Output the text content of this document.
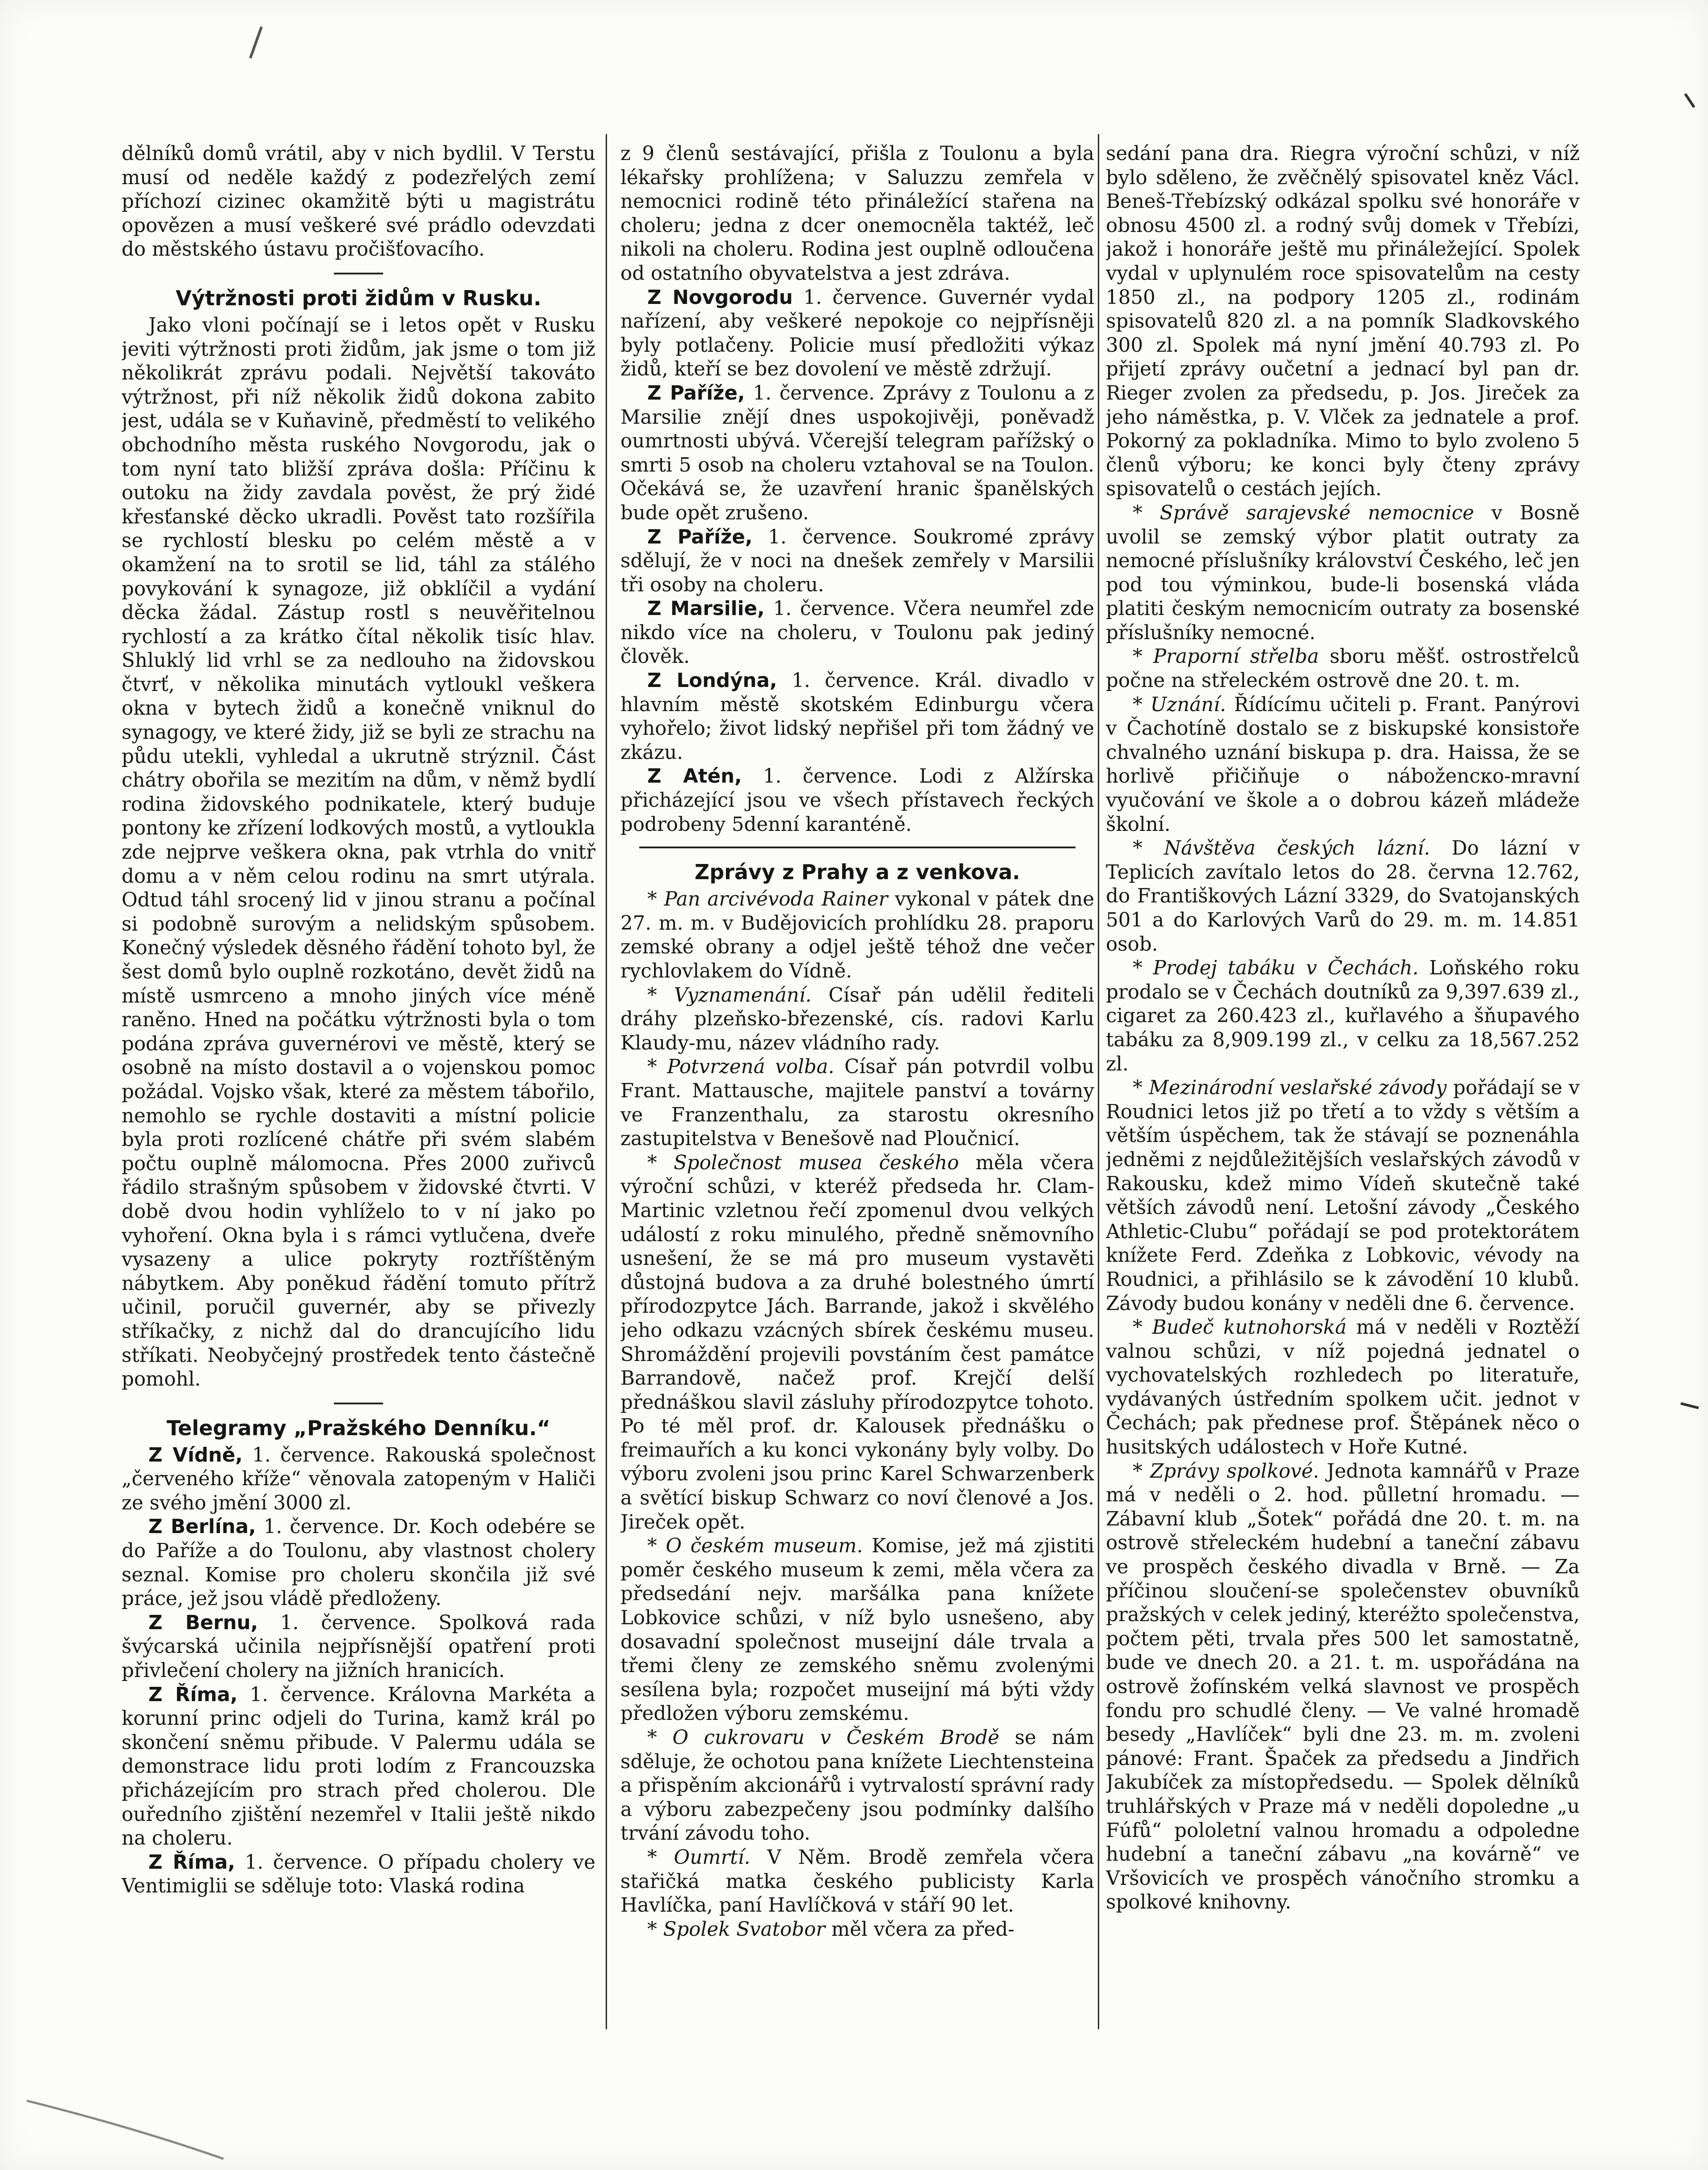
dělníků domů vrátil, aby v nich bydlil. V Terstu musí od neděle každý z podezřelých zemí příchozí cizinec okamžitě býti u magistrátu opovězen a musí veškeré své prádlo odevzdati do městského ústavu pročišťovacího.

Výtržnosti proti židům v Rusku.

Jako vloni počínají se i letos opět v Rusku jeviti výtržnosti proti židům, jak jsme o tom již několikrát zprávu podali. Největší takováto výtržnost, při níž několik židů dokona zabito jest, udála se v Kuňavině, předměstí to velikého obchodního města ruského Novgorodu, jak o tom nyní tato bližší zpráva došla: Příčinu k outoku na židy zavdala pověst, že prý židé křesťanské děcko ukradli. Pověst tato rozšířila se rychlostí blesku po celém městě a v okamžení na to srotil se lid, táhl za stálého povykování k synagoze, již obklíčil a vydání děcka žádal. Zástup rostl s neuvěřitelnou rychlostí a za krátko čítal několik tisíc hlav. Shluklý lid vrhl se za nedlouho na židovskou čtvrť, v několika minutách vytloukl veškera okna v bytech židů a konečně vniknul do synagogy, ve které židy, již se byli ze strachu na půdu utekli, vyhledal a ukrutně strýznil. Část chátry obořila se mezitím na dům, v němž bydlí rodina židovského podnikatele, který buduje pontony ke zřízení lodkových mostů, a vytloukla zde nejprve veškera okna, pak vtrhla do vnitř domu a v něm celou rodinu na smrt utýrala. Odtud táhl srocený lid v jinou stranu a počínal si podobně surovým a nelidským spůsobem. Konečný výsledek děsného řádění tohoto byl, že šest domů bylo ouplně rozkotáno, devět židů na místě usmrceno a mnoho jiných více méně raněno. Hned na počátku výtržnosti byla o tom podána zpráva guvernérovi ve městě, který se osobně na místo dostavil a o vojenskou pomoc požádal. Vojsko však, které za městem tábořilo, nemohlo se rychle dostaviti a místní policie byla proti rozlícené chátře při svém slabém počtu ouplně málomocna. Přes 2000 zuřivců řádilo strašným spůsobem v židovské čtvrti. V době dvou hodin vyhlíželo to v ní jako po vyhoření. Okna byla i s rámci vytlučena, dveře vysazeny a ulice pokryty roztříštěným nábytkem. Aby poněkud řádění tomuto přítrž učinil, poručil guvernér, aby se přivezly stříkačky, z nichž dal do drancujícího lidu stříkati. Neobyčejný prostředek tento částečně pomohl.

Telegramy „Pražského Denníku.“

Z Vídně, 1. července. Rakouská společnost „červeného kříže“ věnovala zatopeným v Haliči ze svého jmění 3000 zl.

Z Berlína, 1. července. Dr. Koch odebére se do Paříže a do Toulonu, aby vlastnost cholery seznal. Komise pro choleru skončila již své práce, jež jsou vládě předloženy.

Z Bernu, 1. července. Spolková rada švýcarská učinila nejpřísnější opatření proti přivlečení cholery na jižních hranicích.

Z Říma, 1. července. Královna Markéta a korunní princ odjeli do Turina, kamž král po skončení sněmu přibude. V Palermu udála se demonstrace lidu proti lodím z Francouzska přicházejícím pro strach před cholerou. Dle ouředního zjištění nezemřel v Italii ještě nikdo na choleru.

Z Říma, 1. července. O případu cholery ve Ventimiglii se sděluje toto: Vlaská rodina

z 9 členů sestávající, přišla z Toulonu a byla lékařsky prohlížena; v Saluzzu zemřela v nemocnici rodině této přináležící stařena na choleru; jedna z dcer onemocněla taktéž, leč nikoli na choleru. Rodina jest ouplně odloučena od ostatního obyvatelstva a jest zdráva.

Z Novgorodu 1. července. Guvernér vydal nařízení, aby veškeré nepokoje co nejpřísněji byly potlačeny. Policie musí předložiti výkaz židů, kteří se bez dovolení ve městě zdržují.

Z Paříže, 1. července. Zprávy z Toulonu a z Marsilie znějí dnes uspokojivěji, poněvadž oumrtnosti ubývá. Včerejší telegram pařížský o smrti 5 osob na choleru vztahoval se na Toulon. Očekává se, že uzavření hranic španělských bude opět zrušeno.

Z Paříže, 1. července. Soukromé zprávy sdělují, že v noci na dnešek zemřely v Marsilii tři osoby na choleru.

Z Marsilie, 1. července. Včera neumřel zde nikdo více na choleru, v Toulonu pak jediný člověk.

Z Londýna, 1. července. Král. divadlo v hlavním městě skotském Edinburgu včera vyhořelo; život lidský nepřišel při tom žádný ve zkázu.

Z Atén, 1. července. Lodi z Alžírska přicházející jsou ve všech přístavech řeckých podrobeny 5denní karanténě.

Zprávy z Prahy a z venkova.

* Pan arcivévoda Rainer vykonal v pátek dne 27. m. m. v Budějovicích prohlídku 28. praporu zemské obrany a odjel ještě téhož dne večer rychlovlakem do Vídně.

* Vyznamenání. Císař pán udělil řediteli dráhy plzeňsko-březenské, cís. radovi Karlu Klaudy-mu, název vládního rady.

* Potvrzená volba. Císař pán potvrdil volbu Frant. Mattausche, majitele panství a továrny ve Franzenthalu, za starostu okresního zastupitelstva v Benešově nad Ploučnicí.

* Společnost musea českého měla včera výroční schůzi, v kteréž předseda hr. Clam-Martinic vzletnou řečí zpomenul dvou velkých událostí z roku minulého, předně sněmovního usnešení, že se má pro museum vystavěti důstojná budova a za druhé bolestného úmrtí přírodozpytce Jách. Barrande, jakož i skvělého jeho odkazu vzácných sbírek českému museu. Shromáždění projevili povstáním čest památce Barrandově, načež prof. Krejčí delší přednáškou slavil zásluhy přírodozpytce tohoto. Po té měl prof. dr. Kalousek přednášku o freimauřích a ku konci vykonány byly volby. Do výboru zvoleni jsou princ Karel Schwarzenberk a světící biskup Schwarz co noví členové a Jos. Jireček opět.

* O českém museum. Komise, jež má zjistiti poměr českého museum k zemi, měla včera za předsedání nejv. maršálka pana knížete Lobkovice schůzi, v níž bylo usnešeno, aby dosavadní společnost museijní dále trvala a třemi členy ze zemského sněmu zvolenými sesílena byla; rozpočet museijní má býti vždy předložen výboru zemskému.

* O cukrovaru v Českém Brodě se nám sděluje, že ochotou pana knížete Liechtensteina a přispěním akcionářů i vytrvalostí správní rady a výboru zabezpečeny jsou podmínky dalšího trvání závodu toho.

* Oumrtí. V Něm. Brodě zemřela včera stařičká matka českého publicisty Karla Havlíčka, paní Havlíčková v stáří 90 let.

* Spolek Svatobor měl včera za před-

sedání pana dra. Riegra výroční schůzi, v níž bylo sděleno, že zvěčnělý spisovatel kněz Václ. Beneš-Třebízský odkázal spolku své honoráře v obnosu 4500 zl. a rodný svůj domek v Třebízi, jakož i honoráře ještě mu přináležející. Spolek vydal v uplynulém roce spisovatelům na cesty 1850 zl., na podpory 1205 zl., rodinám spisovatelů 820 zl. a na pomník Sladkovského 300 zl. Spolek má nyní jmění 40.793 zl. Po přijetí zprávy oučetní a jednací byl pan dr. Rieger zvolen za předsedu, p. Jos. Jireček za jeho náměstka, p. V. Vlček za jednatele a prof. Pokorný za pokladníka. Mimo to bylo zvoleno 5 členů výboru; ke konci byly čteny zprávy spisovatelů o cestách jejích.

* Správě sarajevské nemocnice v Bosně uvolil se zemský výbor platit outraty za nemocné příslušníky království Českého, leč jen pod tou výminkou, bude-li bosenská vláda platiti českým nemocnicím outraty za bosenské příslušníky nemocné.

* Praporní střelba sboru měšť. ostrostřelců počne na střeleckém ostrově dne 20. t. m.

* Uznání. Řídícímu učiteli p. Frant. Panýrovi v Čachotíně dostalo se z biskupské konsistoře chvalného uznání biskupa p. dra. Haissa, že se horlivě přičiňuje o náboženско-mravní vyučování ve škole a o dobrou kázeň mládeže školní.

* Návštěva českých lázní. Do lázní v Teplicích zavítalo letos do 28. června 12.762, do Františkových Lázní 3329, do Svatojanských 501 a do Karlových Varů do 29. m. m. 14.851 osob.

* Prodej tabáku v Čechách. Loňského roku prodalo se v Čechách doutníků za 9,397.639 zl., cigaret za 260.423 zl., kuřlavého a šňupavého tabáku za 8,909.199 zl., v celku za 18,567.252 zl.

* Mezinárodní veslařské závody pořádají se v Roudnici letos již po třetí a to vždy s větším a větším úspěchem, tak že stávají se poznenáhla jedněmi z nejdůležitějších veslařských závodů v Rakousku, kdež mimo Vídeň skutečně také větších závodů není. Letošní závody „Českého Athletic-Clubu“ pořádají se pod protektorátem knížete Ferd. Zdeňka z Lobkovic, vévody na Roudnici, a přihlásilo se k závodění 10 klubů. Závody budou konány v neděli dne 6. července.

* Budeč kutnohorská má v neděli v Roztěží valnou schůzi, v níž pojedná jednatel o vychovatelských rozhledech po literatuře, vydávaných ústředním spolkem učit. jednot v Čechách; pak přednese prof. Štěpánek něco o husitských událostech v Hoře Kutné.

* Zprávy spolkové. Jednota kamnářů v Praze má v neděli o 2. hod. půlletní hromadu. — Zábavní klub „Šotek“ pořádá dne 20. t. m. na ostrově střeleckém hudební a taneční zábavu ve prospěch českého divadla v Brně. — Za příčinou sloučení-se společenstev obuvníků pražských v celek jediný, kteréžto společenstva, počtem pěti, trvala přes 500 let samostatně, bude ve dnech 20. a 21. t. m. uspořádána na ostrově žofínském velká slavnost ve prospěch fondu pro schudlé členy. — Ve valné hromadě besedy „Havlíček“ byli dne 23. m. m. zvoleni pánové: Frant. Špaček za předsedu a Jindřich Jakubíček za místopředsedu. — Spolek dělníků truhlářských v Praze má v neděli dopoledne „u Fúfů“ pololetní valnou hromadu a odpoledne hudební a taneční zábavu „na kovárně“ ve Vršovicích ve prospěch vánočního stromku a spolkové knihovny.
